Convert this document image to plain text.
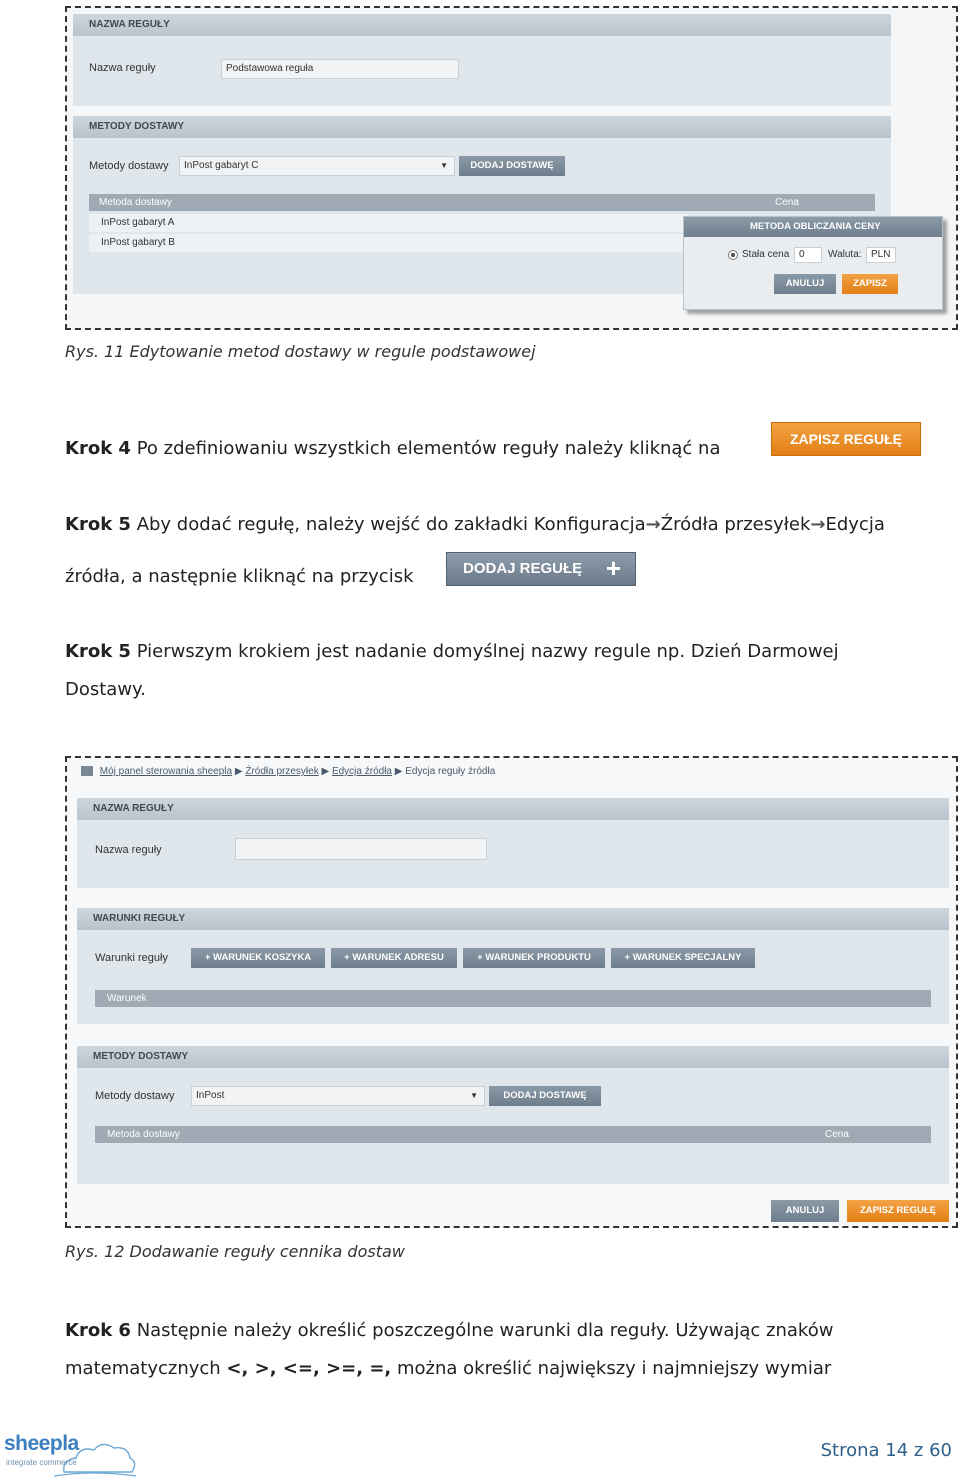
NAZWA REGUŁY
Nazwa reguły	Podstawowa reguła
METODY DOSTAWY
Metody dostawy	InPost gabaryt C	▼	DODAJ DOSTAWĘ
Metoda dostawy	Cena
InPost gabaryt A
InPost gabaryt B
METODA OBLICZANIA CENY
Stała cena 0	Waluta: PLN
ANULUJ	ZAPISZ
Rys. 11 Edytowanie metod dostawy w regule podstawowej
Krok 4 Po zdefiniowaniu wszystkich elementów reguły należy kliknąć na	ZAPISZ REGUŁĘ
Krok 5 Aby dodać regułę, należy wejść do zakładki Konfiguracja→Źródła przesyłek→Edycja
źródła, a następnie kliknąć na przycisk	DODAJ REGUŁĘ +
Krok 5 Pierwszym krokiem jest nadanie domyślnej nazwy regule np. Dzień Darmowej
Dostawy.
Mój panel sterowania sheepla ▶ Źródła przesyłek ▶ Edycja źródła ▶ Edycja reguły źródła
NAZWA REGUŁY
Nazwa reguły
WARUNKI REGUŁY
Warunki reguły	+ WARUNEK KOSZYKA	+ WARUNEK ADRESU	+ WARUNEK PRODUKTU	+ WARUNEK SPECJALNY
Warunek
METODY DOSTAWY
Metody dostawy	InPost	▼	DODAJ DOSTAWĘ
Metoda dostawy	Cena
ANULUJ	ZAPISZ REGUŁĘ
Rys. 12 Dodawanie reguły cennika dostaw
Krok 6 Następnie należy określić poszczególne warunki dla reguły. Używając znaków
matematycznych <, >, <=, >=, =, można określić największy i najmniejszy wymiar
sheepla
integrate commerce
Strona 14 z 60
